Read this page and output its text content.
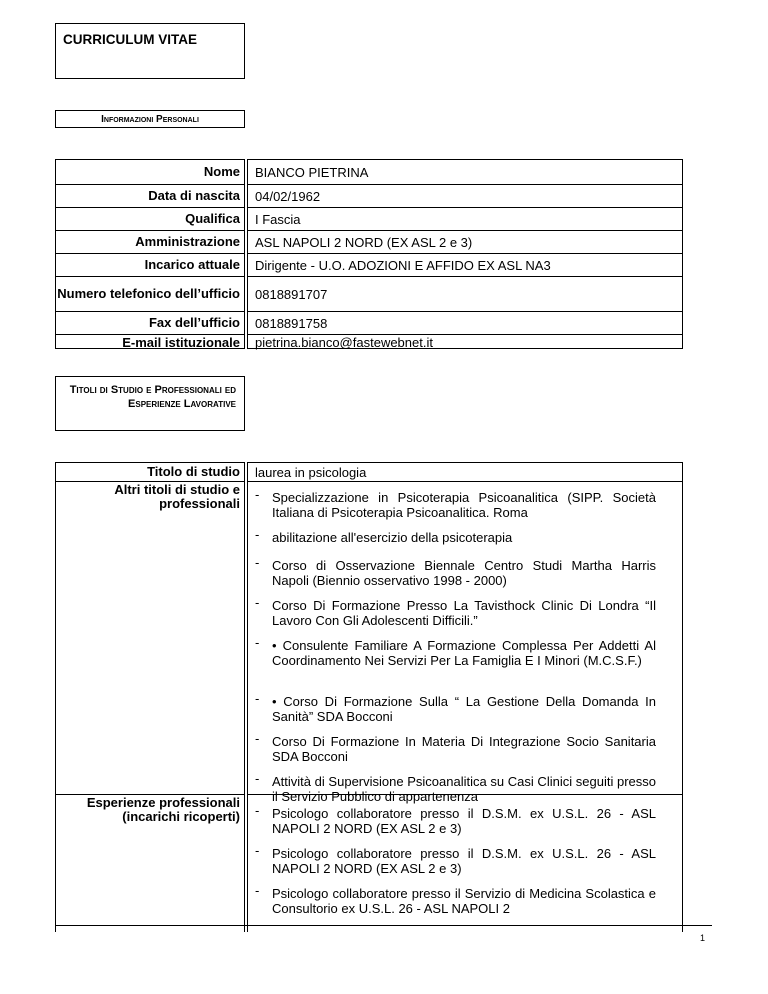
CURRICULUM VITAE
Informazioni Personali
Nome
Data di nascita
Qualifica
Amministrazione
Incarico attuale
Numero telefonico dell’ufficio
Fax dell’ufficio
E-mail istituzionale
BIANCO PIETRINA
04/02/1962
I Fascia
ASL NAPOLI 2 NORD (EX ASL 2 e 3)
Dirigente - U.O. ADOZIONI E AFFIDO EX ASL NA3
0818891707
0818891758
pietrina.bianco@fastewebnet.it
Titoli di Studio e Professionali ed Esperienze Lavorative
Titolo di studio
Altri titoli di studio e professionali
Esperienze professionali (incarichi ricoperti)
laurea in psicologia
- Specializzazione in Psicoterapia Psicoanalitica (SIPP. Società Italiana di Psicoterapia Psicoanalitica. Roma
- abilitazione all'esercizio della psicoterapia
- Corso di Osservazione Biennale Centro Studi Martha Harris Napoli (Biennio osservativo 1998 - 2000)
- Corso Di Formazione Presso La Tavisthock Clinic Di Londra “Il Lavoro Con Gli Adolescenti Difficili.”
- • Consulente Familiare A Formazione Complessa Per Addetti Al Coordinamento Nei Servizi Per La Famiglia E I Minori (M.C.S.F.)
- • Corso Di Formazione Sulla “ La Gestione Della Domanda In Sanità” SDA Bocconi
- Corso Di Formazione In Materia Di Integrazione Socio Sanitaria SDA Bocconi
- Attività di Supervisione Psicoanalitica su Casi Clinici seguiti presso il Servizio Pubblico di appartenenza
- Psicologo collaboratore presso il D.S.M. ex U.S.L. 26 - ASL NAPOLI 2 NORD (EX ASL 2 e 3)
- Psicologo collaboratore presso il D.S.M. ex U.S.L. 26 - ASL NAPOLI 2 NORD (EX ASL 2 e 3)
- Psicologo collaboratore presso il Servizio di Medicina Scolastica e Consultorio ex U.S.L. 26 - ASL NAPOLI 2
1
